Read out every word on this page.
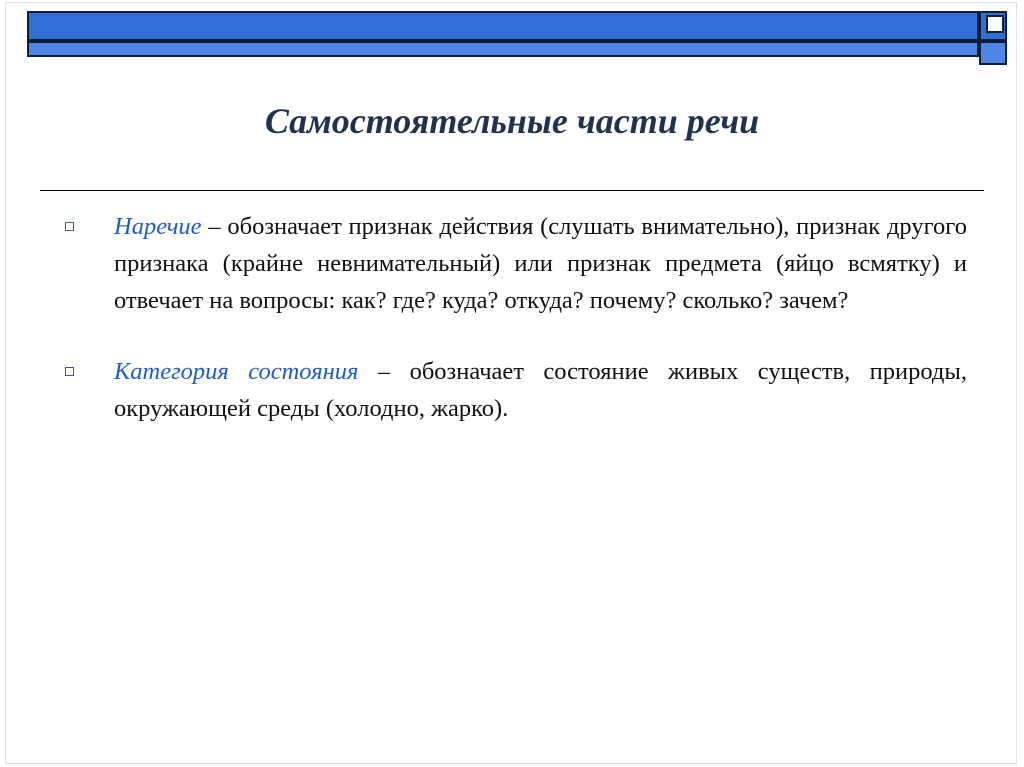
Самостоятельные части речи
Наречие – обозначает признак действия (слушать внимательно), признак другого признака (крайне невнимательный) или признак предмета (яйцо всмятку) и отвечает на вопросы: как? где? куда? откуда? почему? сколько? зачем?
Категория состояния – обозначает состояние живых существ, природы, окружающей среды (холодно, жарко).
